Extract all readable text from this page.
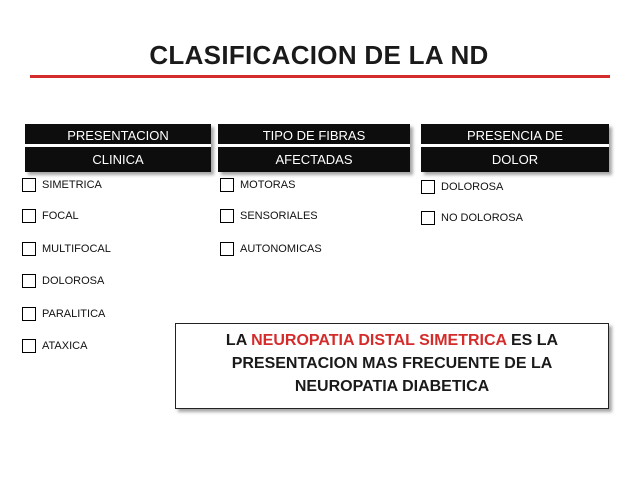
CLASIFICACION DE LA ND
PRESENTACION
CLINICA
TIPO DE FIBRAS
AFECTADAS
PRESENCIA DE
DOLOR
SIMETRICA
FOCAL
MULTIFOCAL
DOLOROSA
PARALITICA
ATAXICA
MOTORAS
SENSORIALES
AUTONOMICAS
DOLOROSA
NO DOLOROSA
LA NEUROPATIA DISTAL SIMETRICA ES LA
PRESENTACION MAS FRECUENTE DE LA
NEUROPATIA DIABETICA
